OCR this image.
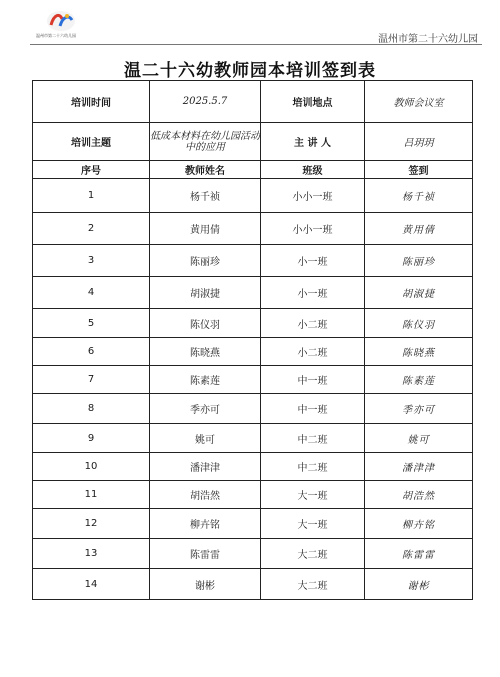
温州市第二十六幼儿园	温州市第二十六幼儿园
温二十六幼教师园本培训签到表
培训时间	2025.5.7	培训地点	教师会议室
培训主题	低成本材料在幼儿园活动中的应用	主 讲 人	吕玥玥
序号	教师姓名	班级	签到
1	杨千祯	小小一班	杨千祯
2	黄用倩	小小一班	黄用倩
3	陈丽珍	小一班	陈丽珍
4	胡淑捷	小一班	胡淑捷
5	陈仪羽	小二班	陈仪羽
6	陈晓燕	小二班	陈晓燕
7	陈素莲	中一班	陈素莲
8	季亦可	中一班	季亦可
9	姚可	中二班	姚可
10	潘津津	中二班	潘津津
11	胡浩然	大一班	胡浩然
12	柳卉铭	大一班	柳卉铭
13	陈雷雷	大二班	陈雷雷
14	谢彬	大二班	谢彬
